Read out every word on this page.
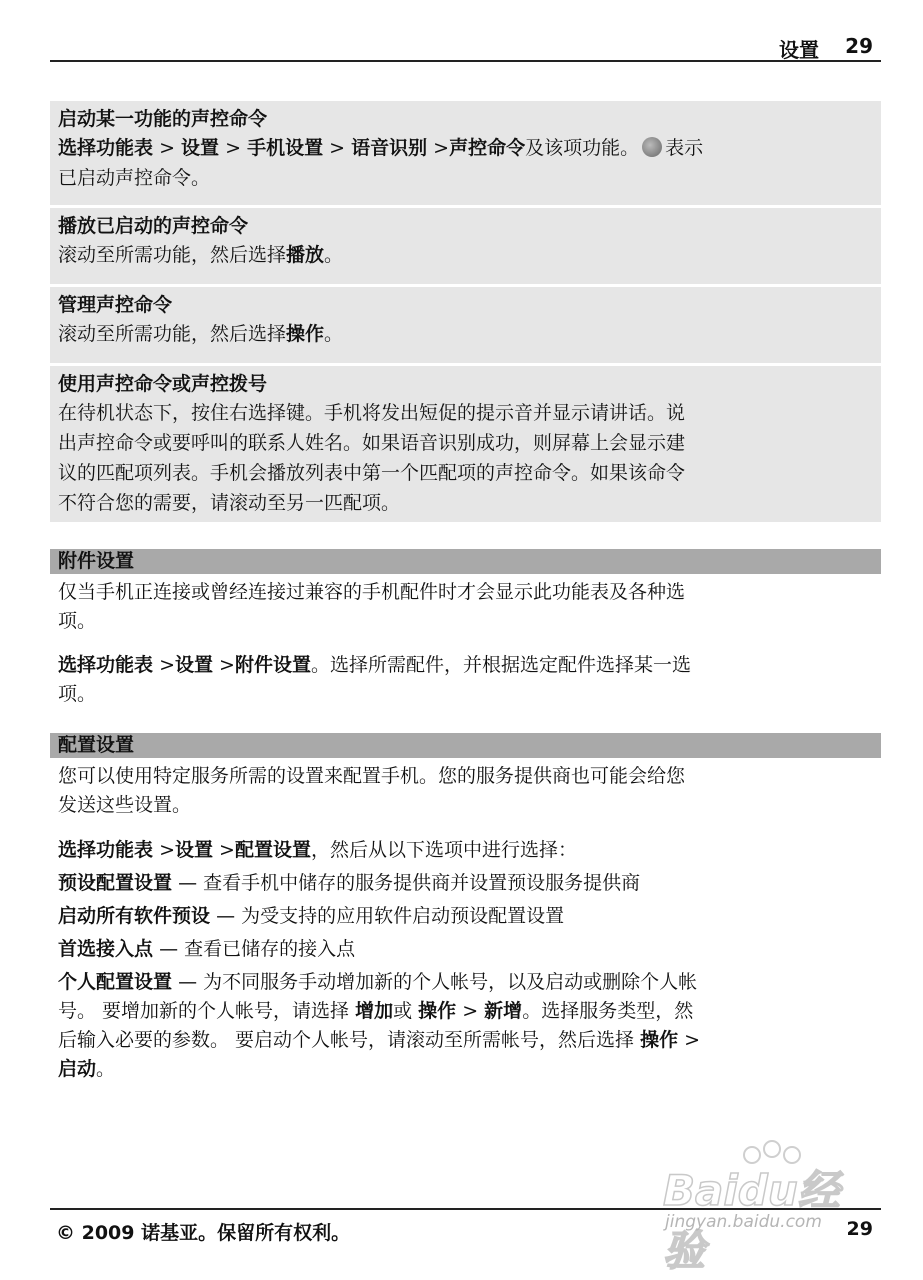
设置 29
启动某一功能的声控命令
选择功能表 > 设置 > 手机设置 > 语音识别 >声控命令及该项功能。 表示
已启动声控命令。
播放已启动的声控命令
滚动至所需功能，然后选择播放。
管理声控命令
滚动至所需功能，然后选择操作。
使用声控命令或声控拨号
在待机状态下，按住右选择键。手机将发出短促的提示音并显示请讲话。说
出声控命令或要呼叫的联系人姓名。如果语音识别成功，则屏幕上会显示建
议的匹配项列表。手机会播放列表中第一个匹配项的声控命令。如果该命令
不符合您的需要，请滚动至另一匹配项。
附件设置
仅当手机正连接或曾经连接过兼容的手机配件时才会显示此功能表及各种选
项。
选择功能表 >设置 >附件设置。选择所需配件，并根据选定配件选择某一选
项。
配置设置
您可以使用特定服务所需的设置来配置手机。您的服务提供商也可能会给您
发送这些设置。
选择功能表 >设置 >配置设置，然后从以下选项中进行选择：
预设配置设置 — 查看手机中储存的服务提供商并设置预设服务提供商
启动所有软件预设 — 为受支持的应用软件启动预设配置设置
首选接入点 — 查看已储存的接入点
个人配置设置 — 为不同服务手动增加新的个人帐号，以及启动或删除个人帐
号。 要增加新的个人帐号，请选择 增加或 操作 > 新增。选择服务类型，然
后输入必要的参数。 要启动个人帐号，请滚动至所需帐号，然后选择 操作 >
启动。
Baidu经验
jingyan.baidu.com
© 2009 诺基亚。保留所有权利。	29
